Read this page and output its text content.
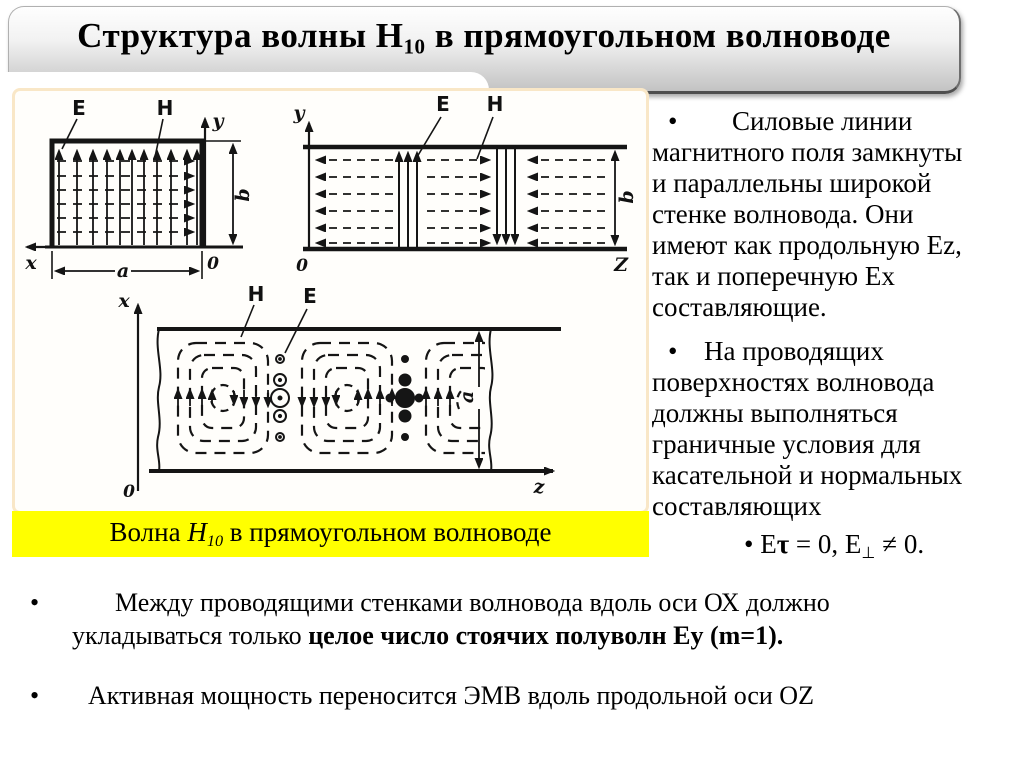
Структура волны $H_{10}$ в прямоугольном волноводе
E	H
y
x	0
a
b
y
0	Z
E H
b
H E
x
0	z
a
Волна $H_{10}$ в прямоугольном волноводе
• Силовые линии
магнитного поля замкнуты
и параллельны широкой
стенке волновода. Они
имеют как продольную Еz,
так и поперечную Еx
составляющие.
• На проводящих
поверхностях волновода
должны выполняться
граничные условия для
касательной и нормальных
составляющих
• Еτ = 0, $Е_\perp \ne 0$.
•	Между проводящими стенками волновода вдоль оси ОХ должно
укладываться только целое число стоячих полуволн Еy (m=1).
• Активная мощность переносится ЭМВ вдоль продольной оси ОZ
